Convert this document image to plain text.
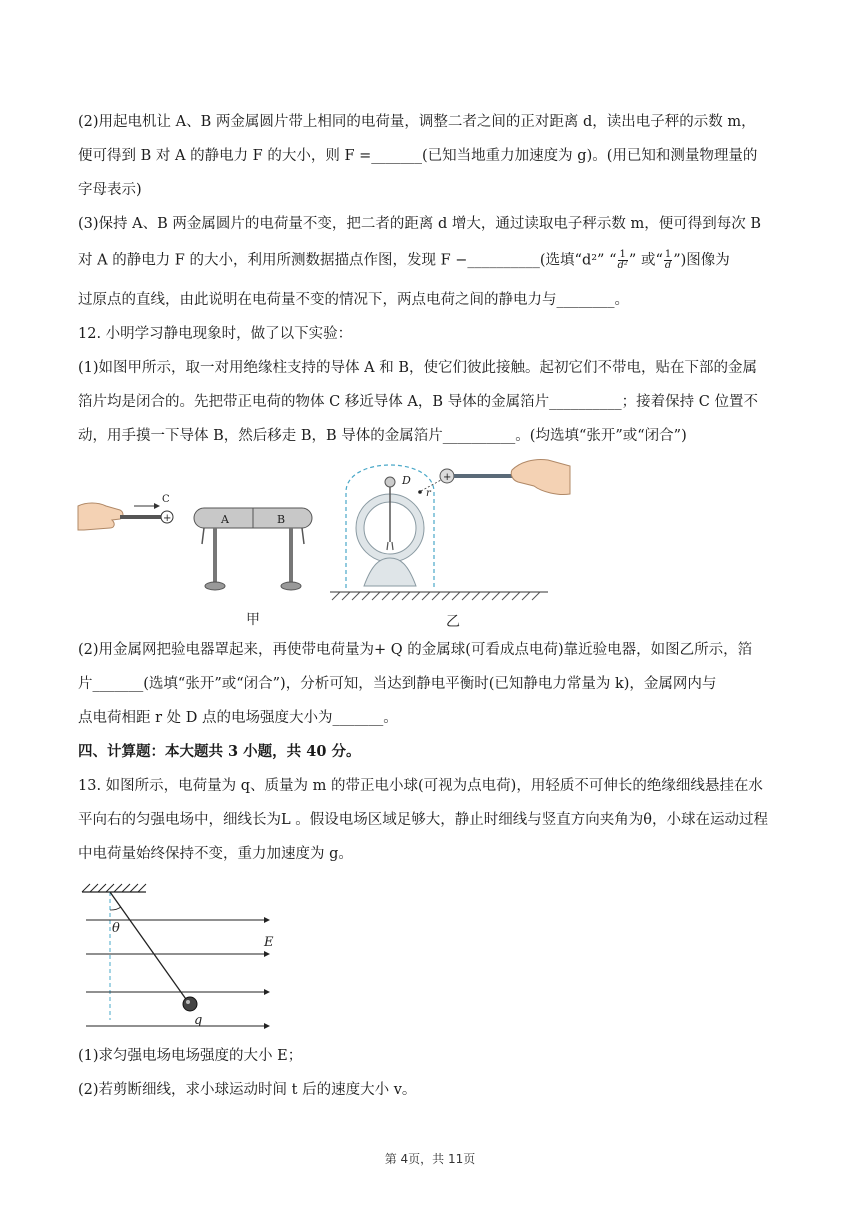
(2)用起电机让 A、B 两金属圆片带上相同的电荷量，调整二者之间的正对距离 d，读出电子秤的示数 m，
便可得到 B 对 A 的静电力 F 的大小，则 F =_______(已知当地重力加速度为 g)。(用已知和测量物理量的
字母表示)
(3)保持 A、B 两金属圆片的电荷量不变，把二者的距离 d 增大，通过读取电子秤示数 m，便可得到每次 B
对 A 的静电力 F 的大小，利用所测数据描点作图，发现 F −__________(选填“d²” “ $\frac{1}{\text{d²}}$ ” 或“ $\frac{1}{d}$ ”)图像为
过原点的直线，由此说明在电荷量不变的情况下，两点电荷之间的静电力与________。
12. 小明学习静电现象时，做了以下实验：
(1)如图甲所示，取一对用绝缘柱支持的导体 A 和 B，使它们彼此接触。起初它们不带电，贴在下部的金属
箔片均是闭合的。先把带正电荷的物体 C 移近导体 A，B 导体的金属箔片__________；接着保持 C 位置不
动，用手摸一下导体 B，然后移走 B，B 导体的金属箔片__________。(均选填“张开”或“闭合”)
+
C
A	B
甲
+
D
r
乙
(2)用金属网把验电器罩起来，再使带电荷量为+ Q 的金属球(可看成点电荷)靠近验电器，如图乙所示，箔
片_______(选填“张开”或“闭合”)，分析可知，当达到静电平衡时(已知静电力常量为 k)，金属网内与
点电荷相距 r 处 D 点的电场强度大小为_______。
四、计算题：本大题共 3 小题，共 40 分。
13. 如图所示，电荷量为 q、质量为 m 的带正电小球(可视为点电荷)，用轻质不可伸长的绝缘细线悬挂在水
平向右的匀强电场中，细线长为L 。假设电场区域足够大，静止时细线与竖直方向夹角为θ，小球在运动过程
中电荷量始终保持不变，重力加速度为 g。
θ
E
q
(1)求匀强电场电场强度的大小 E；
(2)若剪断细线，求小球运动时间 t 后的速度大小 v。
第 4页，共 11页
